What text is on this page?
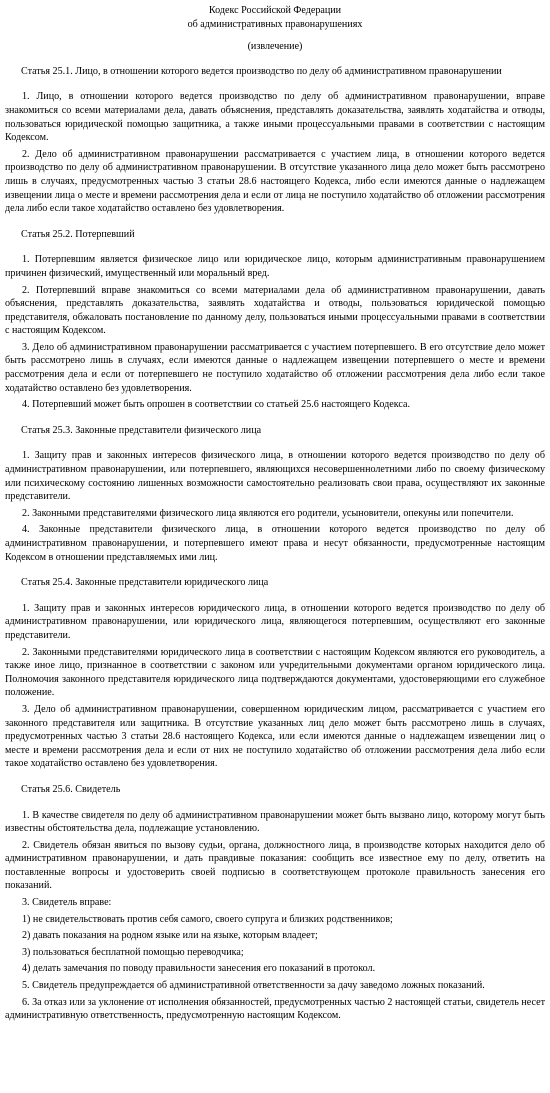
Кодекс Российской Федерации
об административных правонарушениях
(извлечение)

Статья 25.1. Лицо, в отношении которого ведется производство по делу об административном правонарушении

1. Лицо, в отношении которого ведется производство по делу об административном правонарушении, вправе знакомиться со всеми материалами дела, давать объяснения, представлять доказательства, заявлять ходатайства и отводы, пользоваться юридической помощью защитника, а также иными процессуальными правами в соответствии с настоящим Кодексом.

2. Дело об административном правонарушении рассматривается с участием лица, в отношении которого ведется производство по делу об административном правонарушении. В отсутствие указанного лица дело может быть рассмотрено лишь в случаях, предусмотренных частью 3 статьи 28.6 настоящего Кодекса, либо если имеются данные о надлежащем извещении лица о месте и времени рассмотрения дела и если от лица не поступило ходатайство об отложении рассмотрения дела либо если такое ходатайство оставлено без удовлетворения.

Статья 25.2. Потерпевший

1. Потерпевшим является физическое лицо или юридическое лицо, которым административным правонарушением причинен физический, имущественный или моральный вред.

2. Потерпевший вправе знакомиться со всеми материалами дела об административном правонарушении, давать объяснения, представлять доказательства, заявлять ходатайства и отводы, пользоваться юридической помощью представителя, обжаловать постановление по данному делу, пользоваться иными процессуальными правами в соответствии с настоящим Кодексом.

3. Дело об административном правонарушении рассматривается с участием потерпевшего. В его отсутствие дело может быть рассмотрено лишь в случаях, если имеются данные о надлежащем извещении потерпевшего о месте и времени рассмотрения дела и если от потерпевшего не поступило ходатайство об отложении рассмотрения дела либо если такое ходатайство оставлено без удовлетворения.

4. Потерпевший может быть опрошен в соответствии со статьей 25.6 настоящего Кодекса.

Статья 25.3. Законные представители физического лица

1. Защиту прав и законных интересов физического лица, в отношении которого ведется производство по делу об административном правонарушении, или потерпевшего, являющихся несовершеннолетними либо по своему физическому или психическому состоянию лишенных возможности самостоятельно реализовать свои права, осуществляют их законные представители.

2. Законными представителями физического лица являются его родители, усыновители, опекуны или попечители.

4. Законные представители физического лица, в отношении которого ведется производство по делу об административном правонарушении, и потерпевшего имеют права и несут обязанности, предусмотренные настоящим Кодексом в отношении представляемых ими лиц.

Статья 25.4. Законные представители юридического лица

1. Защиту прав и законных интересов юридического лица, в отношении которого ведется производство по делу об административном правонарушении, или юридического лица, являющегося потерпевшим, осуществляют его законные представители.

2. Законными представителями юридического лица в соответствии с настоящим Кодексом являются его руководитель, а также иное лицо, признанное в соответствии с законом или учредительными документами органом юридического лица. Полномочия законного представителя юридического лица подтверждаются документами, удостоверяющими его служебное положение.

3. Дело об административном правонарушении, совершенном юридическим лицом, рассматривается с участием его законного представителя или защитника. В отсутствие указанных лиц дело может быть рассмотрено лишь в случаях, предусмотренных частью 3 статьи 28.6 настоящего Кодекса, или если имеются данные о надлежащем извещении лиц о месте и времени рассмотрения дела и если от них не поступило ходатайство об отложении рассмотрения дела либо если такое ходатайство оставлено без удовлетворения.

Статья 25.6. Свидетель

1. В качестве свидетеля по делу об административном правонарушении может быть вызвано лицо, которому могут быть известны обстоятельства дела, подлежащие установлению.

2. Свидетель обязан явиться по вызову судьи, органа, должностного лица, в производстве которых находится дело об административном правонарушении, и дать правдивые показания: сообщить все известное ему по делу, ответить на поставленные вопросы и удостоверить своей подписью в соответствующем протоколе правильность занесения его показаний.

3. Свидетель вправе:

1) не свидетельствовать против себя самого, своего супруга и близких родственников;

2) давать показания на родном языке или на языке, которым владеет;

3) пользоваться бесплатной помощью переводчика;

4) делать замечания по поводу правильности занесения его показаний в протокол.

5. Свидетель предупреждается об административной ответственности за дачу заведомо ложных показаний.

6. За отказ или за уклонение от исполнения обязанностей, предусмотренных частью 2 настоящей статьи, свидетель несет административную ответственность, предусмотренную настоящим Кодексом.
